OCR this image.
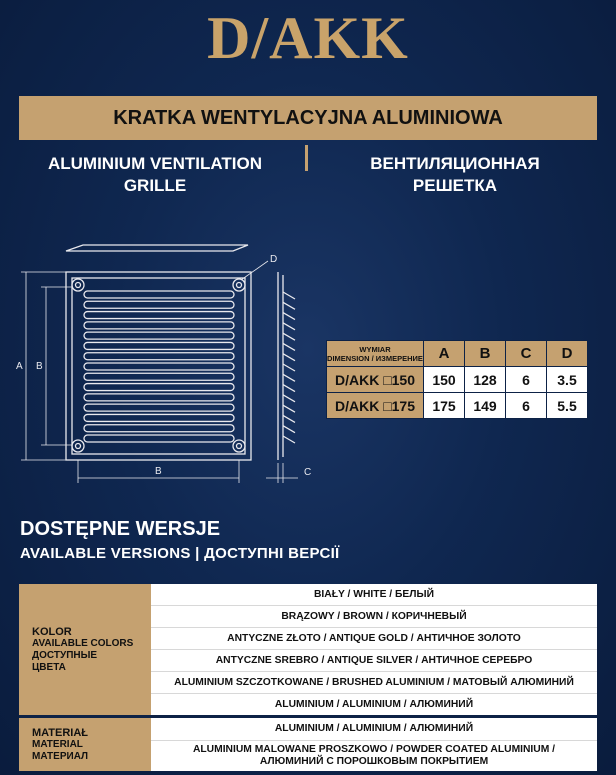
D/AKK
KRATKA WENTYLACYJNA ALUMINIOWA
ALUMINIUM VENTILATION
GRILLE
ВЕНТИЛЯЦИОННАЯ
РЕШЕТКА
A B
B	C
D
WYMIAR
DIMENSION / ИЗМЕРЕНИЕ	A	B	C	D
D/AKK □150	150	128	6	3.5
D/AKK □175	175	149	6	5.5
DOSTĘPNE WERSJE
AVAILABLE VERSIONS | ДОСТУПНІ ВЕРСІЇ
KOLOR
AVAILABLE COLORS
ДОСТУПНЫЕ
ЦВЕТА
BIAŁY / WHITE / БЕЛЫЙ
BRĄZOWY / BROWN / КОРИЧНЕВЫЙ
ANTYCZNE ZŁOTO / ANTIQUE GOLD / АНТИЧНОЕ ЗОЛОТО
ANTYCZNE SREBRO / ANTIQUE SILVER / АНТИЧНОЕ СЕРЕБРО
ALUMINIUM SZCZOTKOWANE / BRUSHED ALUMINIUM / МАТОВЫЙ АЛЮМИНИЙ
ALUMINIUM / ALUMINIUM / АЛЮМИНИЙ
MATERIAŁ
MATERIAL
МАТЕРИАЛ
ALUMINIUM / ALUMINIUM / АЛЮМИНИЙ
ALUMINIUM MALOWANE PROSZKOWO / POWDER COATED ALUMINIUM /
АЛЮМИНИЙ С ПОРОШКОВЫМ ПОКРЫТИЕМ
